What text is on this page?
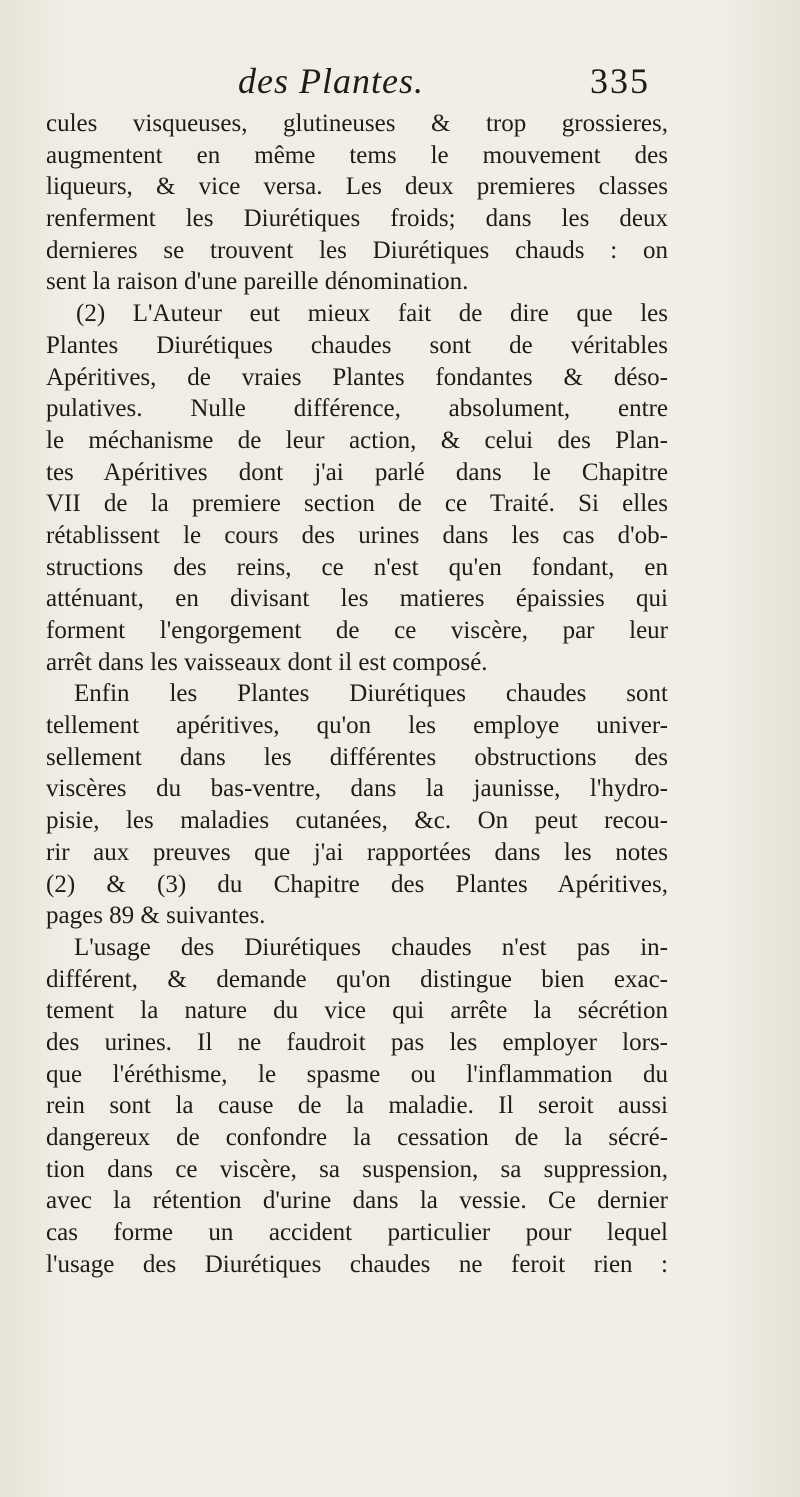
des Plantes.	335
cules visqueuses, glutineuses & trop grossieres,
augmentent en même tems le mouvement des
liqueurs, & vice versa. Les deux premieres classes
renferment les Diurétiques froids; dans les deux
dernieres se trouvent les Diurétiques chauds : on
sent la raison d'une pareille dénomination.
(2) L'Auteur eut mieux fait de dire que les
Plantes Diurétiques chaudes sont de véritables
Apéritives, de vraies Plantes fondantes & déso-
pulatives. Nulle différence, absolument, entre
le méchanisme de leur action, & celui des Plan-
tes Apéritives dont j'ai parlé dans le Chapitre
VII de la premiere section de ce Traité. Si elles
rétablissent le cours des urines dans les cas d'ob-
structions des reins, ce n'est qu'en fondant, en
atténuant, en divisant les matieres épaissies qui
forment l'engorgement de ce viscère, par leur
arrêt dans les vaisseaux dont il est composé.
Enfin les Plantes Diurétiques chaudes sont
tellement apéritives, qu'on les employe univer-
sellement dans les différentes obstructions des
viscères du bas-ventre, dans la jaunisse, l'hydro-
pisie, les maladies cutanées, &c. On peut recou-
rir aux preuves que j'ai rapportées dans les notes
(2) & (3) du Chapitre des Plantes Apéritives,
pages 89 & suivantes.
L'usage des Diurétiques chaudes n'est pas in-
différent, & demande qu'on distingue bien exac-
tement la nature du vice qui arrête la sécrétion
des urines. Il ne faudroit pas les employer lors-
que l'éréthisme, le spasme ou l'inflammation du
rein sont la cause de la maladie. Il seroit aussi
dangereux de confondre la cessation de la sécré-
tion dans ce viscère, sa suspension, sa suppression,
avec la rétention d'urine dans la vessie. Ce dernier
cas forme un accident particulier pour lequel
l'usage des Diurétiques chaudes ne feroit rien :
